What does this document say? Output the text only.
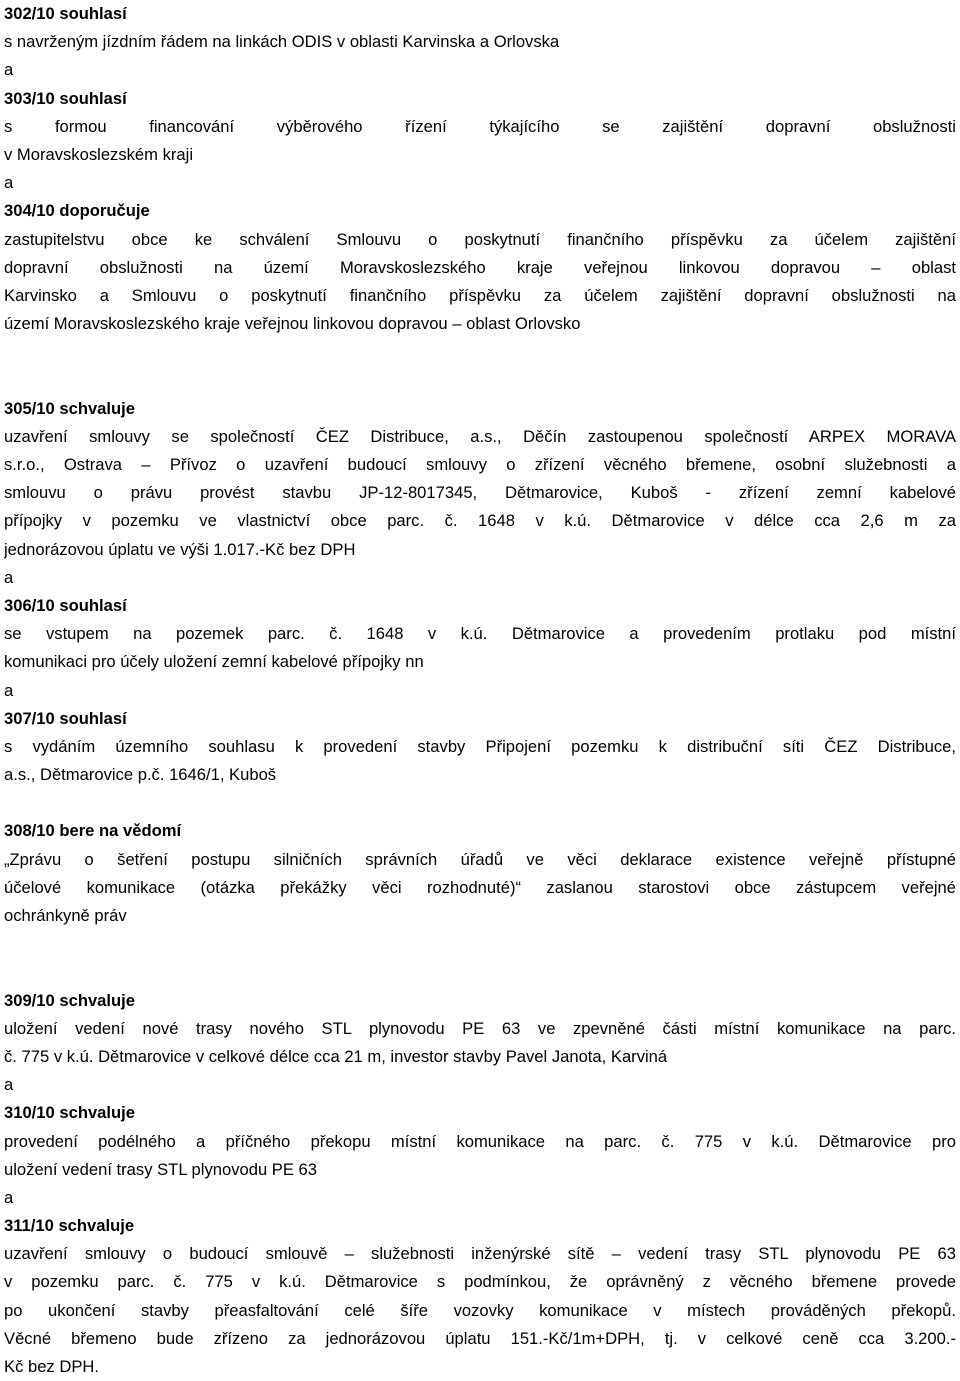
302/10 souhlasí
s navrženým jízdním řádem na linkách ODIS v oblasti Karvinska a Orlovska
a
303/10 souhlasí
s formou financování výběrového řízení týkajícího se zajištění dopravní obslužnosti
v Moravskoslezském kraji
a
304/10 doporučuje
zastupitelstvu obce ke schválení Smlouvu o poskytnutí finančního příspěvku za účelem zajištění
dopravní obslužnosti na území Moravskoslezského kraje veřejnou linkovou dopravou – oblast
Karvinsko a Smlouvu o poskytnutí finančního příspěvku za účelem zajištění dopravní obslužnosti na
území Moravskoslezského kraje veřejnou linkovou dopravou – oblast Orlovsko
305/10 schvaluje
uzavření smlouvy se společností ČEZ Distribuce, a.s., Děčín zastoupenou společností ARPEX MORAVA
s.r.o., Ostrava – Přívoz o uzavření budoucí smlouvy o zřízení věcného břemene, osobní služebnosti a
smlouvu o právu provést stavbu JP-12-8017345, Dětmarovice, Kuboš - zřízení zemní kabelové
přípojky v pozemku ve vlastnictví obce parc. č. 1648 v k.ú. Dětmarovice v délce cca 2,6 m za
jednorázovou úplatu ve výši 1.017.-Kč bez DPH
a
306/10 souhlasí
se vstupem na pozemek parc. č. 1648 v k.ú. Dětmarovice a provedením protlaku pod místní
komunikaci pro účely uložení zemní kabelové přípojky nn
a
307/10 souhlasí
s vydáním územního souhlasu k provedení stavby Připojení pozemku k distribuční síti ČEZ Distribuce,
a.s., Dětmarovice p.č. 1646/1, Kuboš
308/10 bere na vědomí
„Zprávu o šetření postupu silničních správních úřadů ve věci deklarace existence veřejně přístupné
účelové komunikace (otázka překážky věci rozhodnuté)“ zaslanou starostovi obce zástupcem veřejné
ochránkyně práv
309/10 schvaluje
uložení vedení nové trasy nového STL plynovodu PE 63 ve zpevněné části místní komunikace na parc.
č. 775 v k.ú. Dětmarovice v celkové délce cca 21 m, investor stavby Pavel Janota, Karviná
a
310/10 schvaluje
provedení podélného a příčného překopu místní komunikace na parc. č. 775 v k.ú. Dětmarovice pro
uložení vedení trasy STL plynovodu PE 63
a
311/10 schvaluje
uzavření smlouvy o budoucí smlouvě – služebnosti inženýrské sítě – vedení trasy STL plynovodu PE 63
v pozemku parc. č. 775 v k.ú. Dětmarovice s podmínkou, že oprávněný z věcného břemene provede
po ukončení stavby přeasfaltování celé šíře vozovky komunikace v místech prováděných překopů.
Věcné břemeno bude zřízeno za jednorázovou úplatu 151.-Kč/1m+DPH, tj. v celkové ceně cca 3.200.-
Kč bez DPH.
